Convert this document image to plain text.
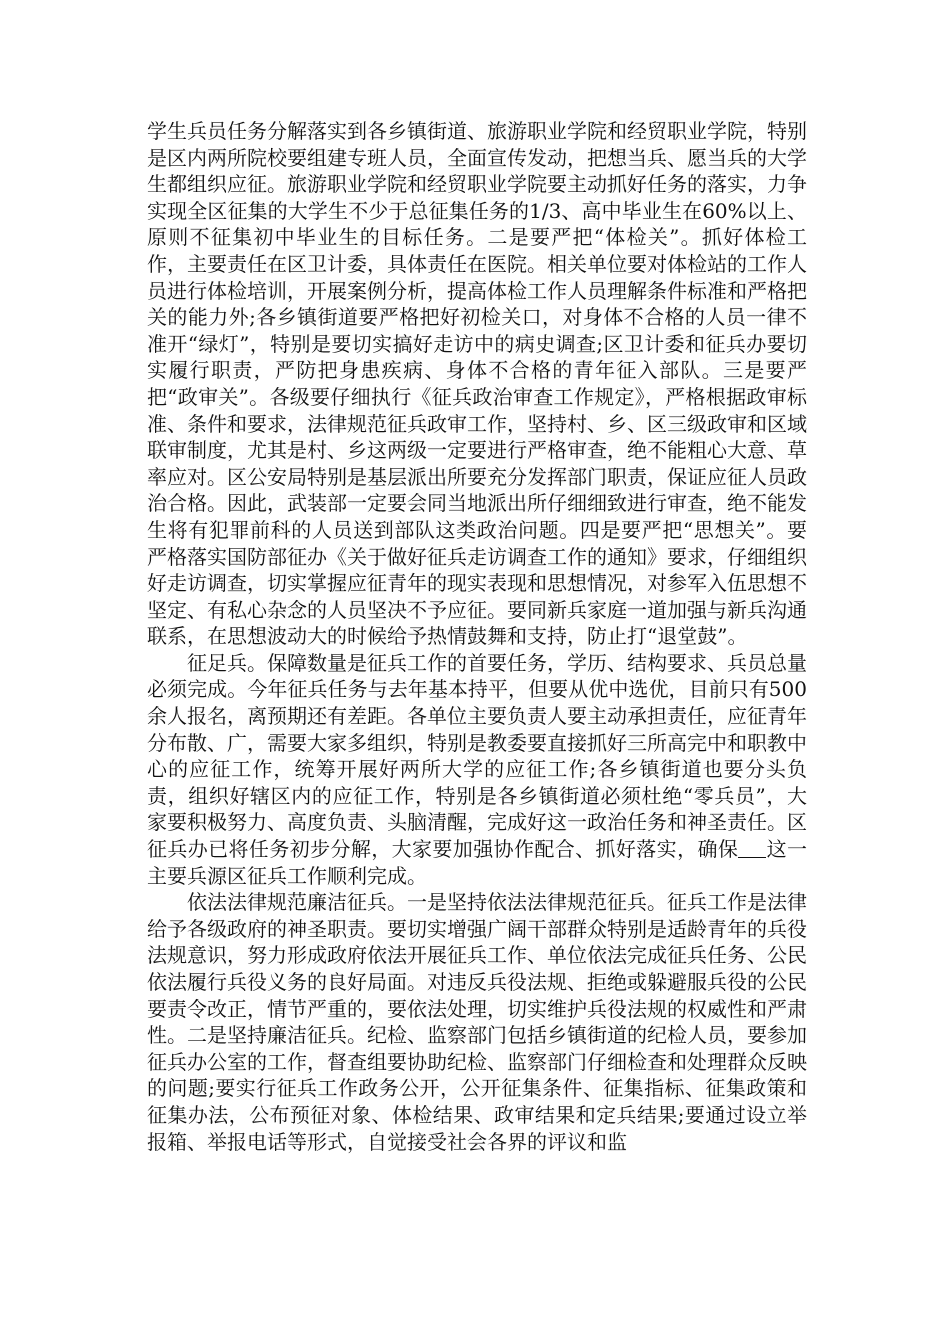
学生兵员任务分解落实到各乡镇街道、旅游职业学院和经贸职业学院，特别是区内两所院校要组建专班人员，全面宣传发动，把想当兵、愿当兵的大学生都组织应征。旅游职业学院和经贸职业学院要主动抓好任务的落实，力争实现全区征集的大学生不少于总征集任务的1/3、高中毕业生在60%以上、原则不征集初中毕业生的目标任务。二是要严把“体检关”。抓好体检工作，主要责任在区卫计委，具体责任在医院。相关单位要对体检站的工作人员进行体检培训，开展案例分析，提高体检工作人员理解条件标准和严格把关的能力外;各乡镇街道要严格把好初检关口，对身体不合格的人员一律不准开“绿灯”，特别是要切实搞好走访中的病史调查;区卫计委和征兵办要切实履行职责，严防把身患疾病、身体不合格的青年征入部队。三是要严把“政审关”。各级要仔细执行《征兵政治审查工作规定》，严格根据政审标准、条件和要求，法律规范征兵政审工作，坚持村、乡、区三级政审和区域联审制度，尤其是村、乡这两级一定要进行严格审查，绝不能粗心大意、草率应对。区公安局特别是基层派出所要充分发挥部门职责，保证应征人员政治合格。因此，武装部一定要会同当地派出所仔细细致进行审查，绝不能发生将有犯罪前科的人员送到部队这类政治问题。四是要严把“思想关”。要严格落实国防部征办《关于做好征兵走访调查工作的通知》要求，仔细组织好走访调查，切实掌握应征青年的现实表现和思想情况，对参军入伍思想不坚定、有私心杂念的人员坚决不予应征。要同新兵家庭一道加强与新兵沟通联系，在思想波动大的时候给予热情鼓舞和支持，防止打“退堂鼓”。

征足兵。保障数量是征兵工作的首要任务，学历、结构要求、兵员总量必须完成。今年征兵任务与去年基本持平，但要从优中选优，目前只有500余人报名，离预期还有差距。各单位主要负责人要主动承担责任，应征青年分布散、广，需要大家多组织，特别是教委要直接抓好三所高完中和职教中心的应征工作，统筹开展好两所大学的应征工作;各乡镇街道也要分头负责，组织好辖区内的应征工作，特别是各乡镇街道必须杜绝“零兵员”，大家要积极努力、高度负责、头脑清醒，完成好这一政治任务和神圣责任。区征兵办已将任务初步分解，大家要加强协作配合、抓好落实，确保 这一主要兵源区征兵工作顺利完成。

依法法律规范廉洁征兵。一是坚持依法法律规范征兵。征兵工作是法律给予各级政府的神圣职责。要切实增强广阔干部群众特别是适龄青年的兵役法规意识，努力形成政府依法开展征兵工作、单位依法完成征兵任务、公民依法履行兵役义务的良好局面。对违反兵役法规、拒绝或躲避服兵役的公民要责令改正，情节严重的，要依法处理，切实维护兵役法规的权威性和严肃性。二是坚持廉洁征兵。纪检、监察部门包括乡镇街道的纪检人员，要参加征兵办公室的工作，督查组要协助纪检、监察部门仔细检查和处理群众反映的问题;要实行征兵工作政务公开，公开征集条件、征集指标、征集政策和征集办法，公布预征对象、体检结果、政审结果和定兵结果;要通过设立举报箱、举报电话等形式，自觉接受社会各界的评议和监
